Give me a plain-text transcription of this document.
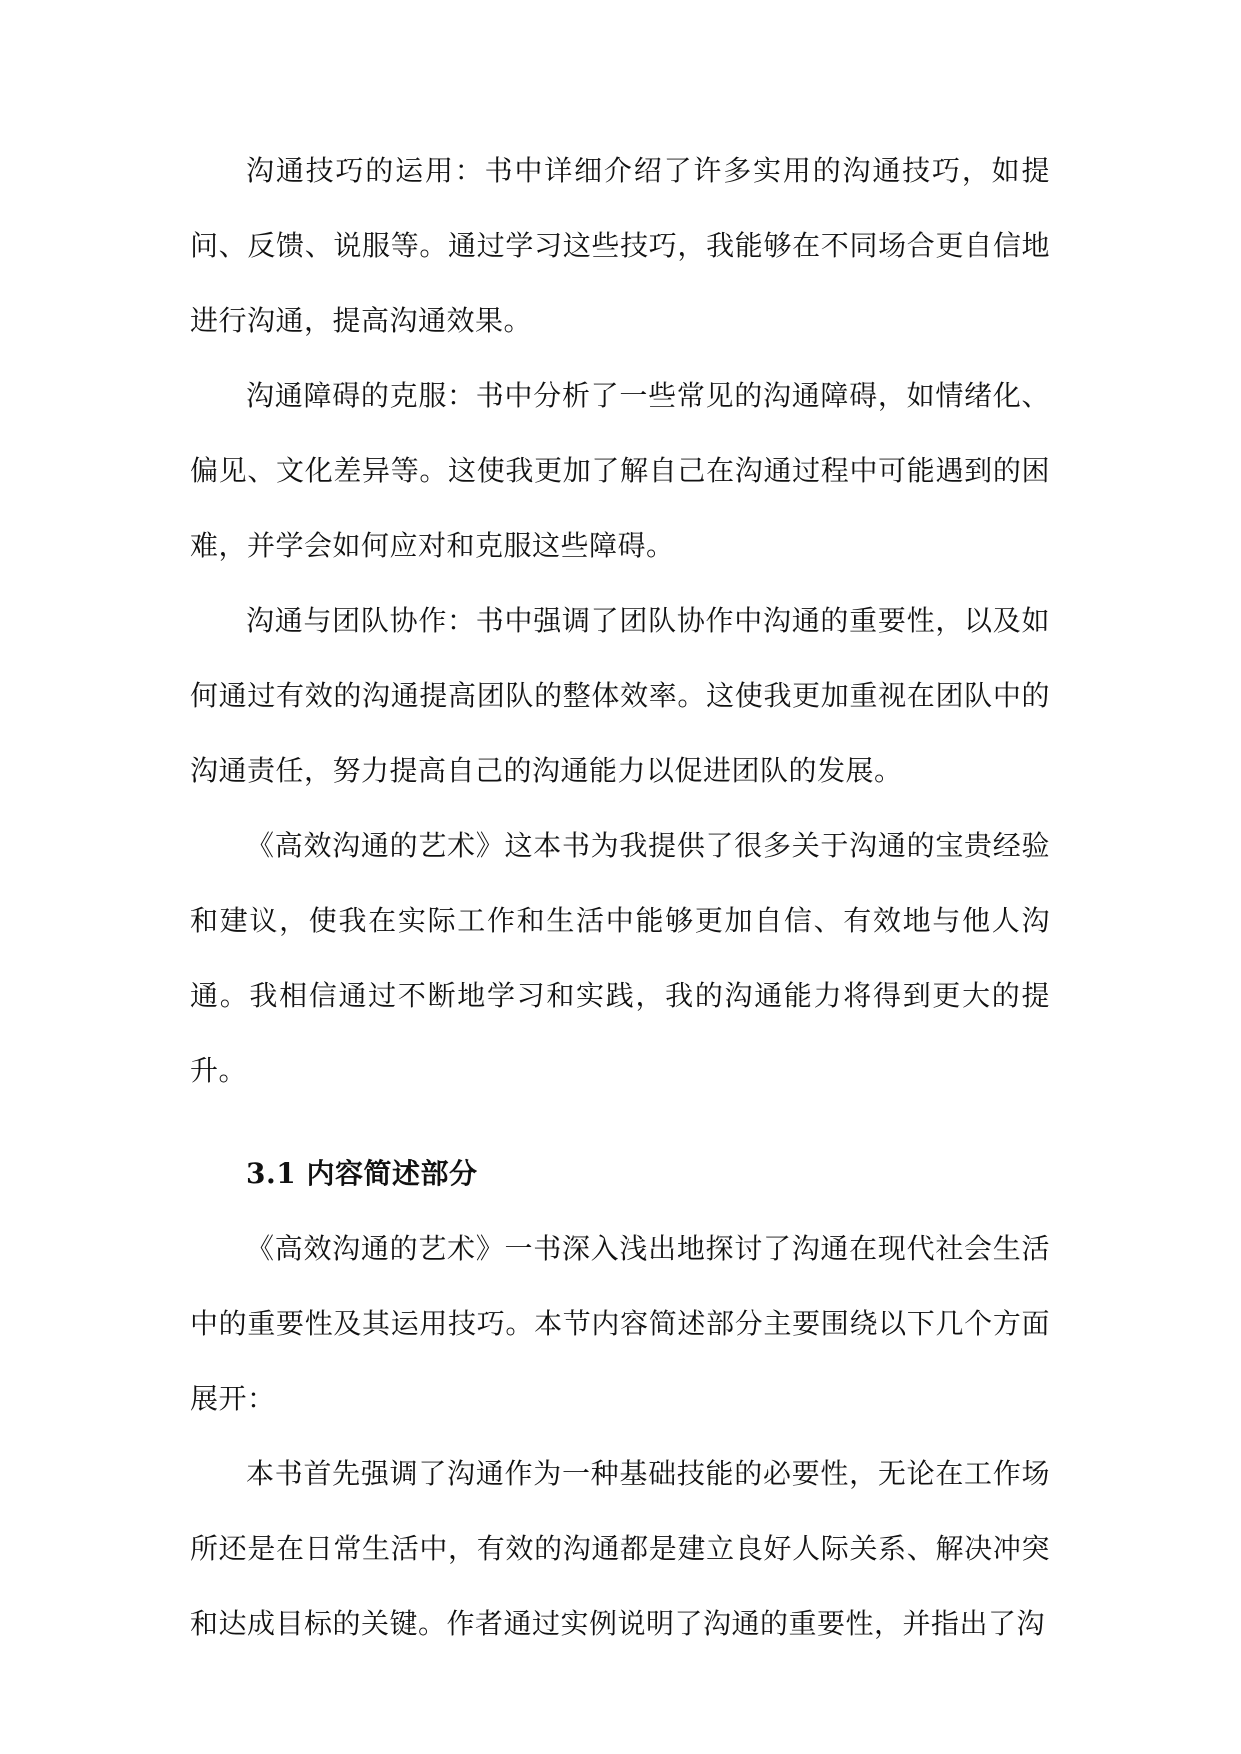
沟通技巧的运用：书中详细介绍了许多实用的沟通技巧，如提问、反馈、说服等。通过学习这些技巧，我能够在不同场合更自信地进行沟通，提高沟通效果。

沟通障碍的克服：书中分析了一些常见的沟通障碍，如情绪化、偏见、文化差异等。这使我更加了解自己在沟通过程中可能遇到的困难，并学会如何应对和克服这些障碍。

沟通与团队协作：书中强调了团队协作中沟通的重要性，以及如何通过有效的沟通提高团队的整体效率。这使我更加重视在团队中的沟通责任，努力提高自己的沟通能力以促进团队的发展。

《高效沟通的艺术》这本书为我提供了很多关于沟通的宝贵经验和建议，使我在实际工作和生活中能够更加自信、有效地与他人沟通。我相信通过不断地学习和实践，我的沟通能力将得到更大的提升。

3.1 内容简述部分

《高效沟通的艺术》一书深入浅出地探讨了沟通在现代社会生活中的重要性及其运用技巧。本节内容简述部分主要围绕以下几个方面展开：

本书首先强调了沟通作为一种基础技能的必要性，无论在工作场所还是在日常生活中，有效的沟通都是建立良好人际关系、解决冲突和达成目标的关键。作者通过实例说明了沟通的重要性，并指出了沟
